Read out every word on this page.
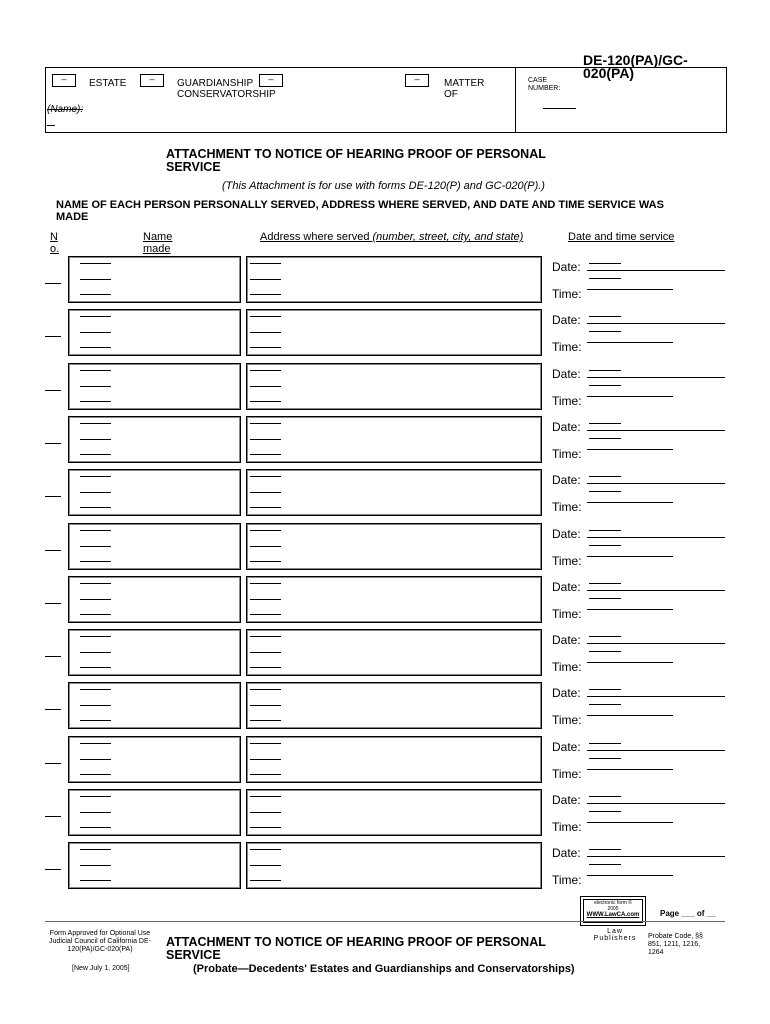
DE-120(PA)/GC-020(PA)
–	ESTATE	–	GUARDIANSHIP	–
CONSERVATORSHIP
–	MATTER OF
(Name):
CASE NUMBER:
ATTACHMENT TO NOTICE OF HEARING PROOF OF PERSONAL SERVICE
(This Attachment is for use with forms DE-120(P) and GC-020(P).)
NAME OF EACH PERSON PERSONALLY SERVED, ADDRESS WHERE SERVED, AND DATE AND TIME SERVICE WAS MADE
No.
Name
made
Address where served (number, street, city, and state)	Date and time service
Date:
Time:
Date:
Time:
Date:
Time:
Date:
Time:
Date:
Time:
Date:
Time:
Date:
Time:
Date:
Time:
Date:
Time:
Date:
Time:
Date:
Time:
Date:
Time:
electronic form ©
2005
WWW.LawCA.com	Page ___ of __
Form Approved for Optional Use Judicial Council of California DE-120(PA)/GC-020(PA)
[New July 1, 2005]
ATTACHMENT TO NOTICE OF HEARING PROOF OF PERSONAL SERVICE
(Probate—Decedents' Estates and Guardianships and Conservatorships)
Law Publishers	Probate Code, §§ 851, 1211, 1216, 1264
